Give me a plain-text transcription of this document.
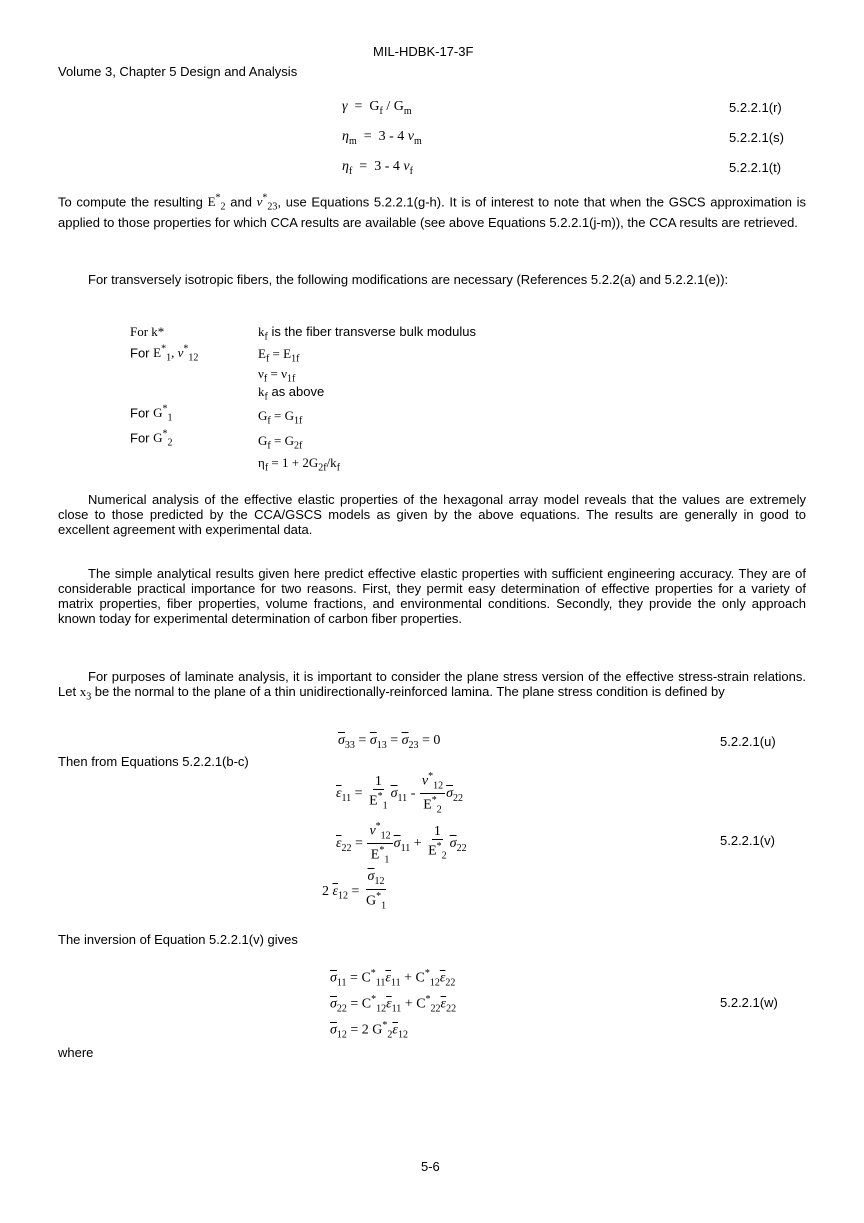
MIL-HDBK-17-3F
Volume 3, Chapter 5 Design and Analysis
$\gamma = G_f / G_m$	5.2.2.1(r)
$\eta_m = 3 - 4$ $\nu_m$	5.2.2.1(s)
$\eta_f = 3 - 4$ $\nu_f$	5.2.2.1(t)
To compute the resulting $E^*_2$ and $\nu^*_{23}$, use Equations 5.2.2.1(g-h). It is of interest to note that when the GSCS approximation is applied to those properties for which CCA results are available (see above Equations 5.2.2.1(j-m)), the CCA results are retrieved.
For transversely isotropic fibers, the following modifications are necessary (References 5.2.2(a) and 5.2.2.1(e)):
For k*	$k_f$ is the fiber transverse bulk modulus
For $E^*_1$, $\nu^*_{12}$	$E_f = E_{1f}$
$\nu_f = \nu_{1f}$
$k_f$ as above
For $G^*_1$	$G_f = G_{1f}$
For $G^*_2$	$G_f = G_{2f}$
$\eta_f = 1 + 2G_{2f}/k_f$
Numerical analysis of the effective elastic properties of the hexagonal array model reveals that the values are extremely close to those predicted by the CCA/GSCS models as given by the above equations. The results are generally in good to excellent agreement with experimental data.
The simple analytical results given here predict effective elastic properties with sufficient engineering accuracy. They are of considerable practical importance for two reasons. First, they permit easy determination of effective properties for a variety of matrix properties, fiber properties, volume fractions, and environmental conditions. Secondly, they provide the only approach known today for experimental determination of carbon fiber properties.
For purposes of laminate analysis, it is important to consider the plane stress version of the effective stress-strain relations. Let $x_3$ be the normal to the plane of a thin unidirectionally-reinforced lamina. The plane stress condition is defined by
$\overline{\sigma}_{33} = \overline{\sigma}_{13} = \overline{\sigma}_{23} = 0$	5.2.2.1(u)
Then from Equations 5.2.2.1(b-c)
$\overline{\varepsilon}_{11} = \frac{1}{E^*_1} \overline{\sigma}_{11} - \frac{\nu^*_{12}}{E^*_2} \overline{\sigma}_{22}$
$\overline{\varepsilon}_{22} = \frac{\nu^*_{12}}{E^*_1} \overline{\sigma}_{11} + \frac{1}{E^*_2} \overline{\sigma}_{22}$
5.2.2.1(v)
2 $\overline{\varepsilon}_{12} = \frac{\overline{\sigma}_{12}}{G^*_1}$
The inversion of Equation 5.2.2.1(v) gives
$\overline{\sigma}_{11} = C^*_{11}\overline{\varepsilon}_{11} + C^*_{12}\overline{\varepsilon}_{22}$
$\overline{\sigma}_{22} = C^*_{12}\overline{\varepsilon}_{11} + C^*_{22}\overline{\varepsilon}_{22}$	5.2.2.1(w)
$\overline{\sigma}_{12} = 2$ $G^*_2\overline{\varepsilon}_{12}$
where
5-6
